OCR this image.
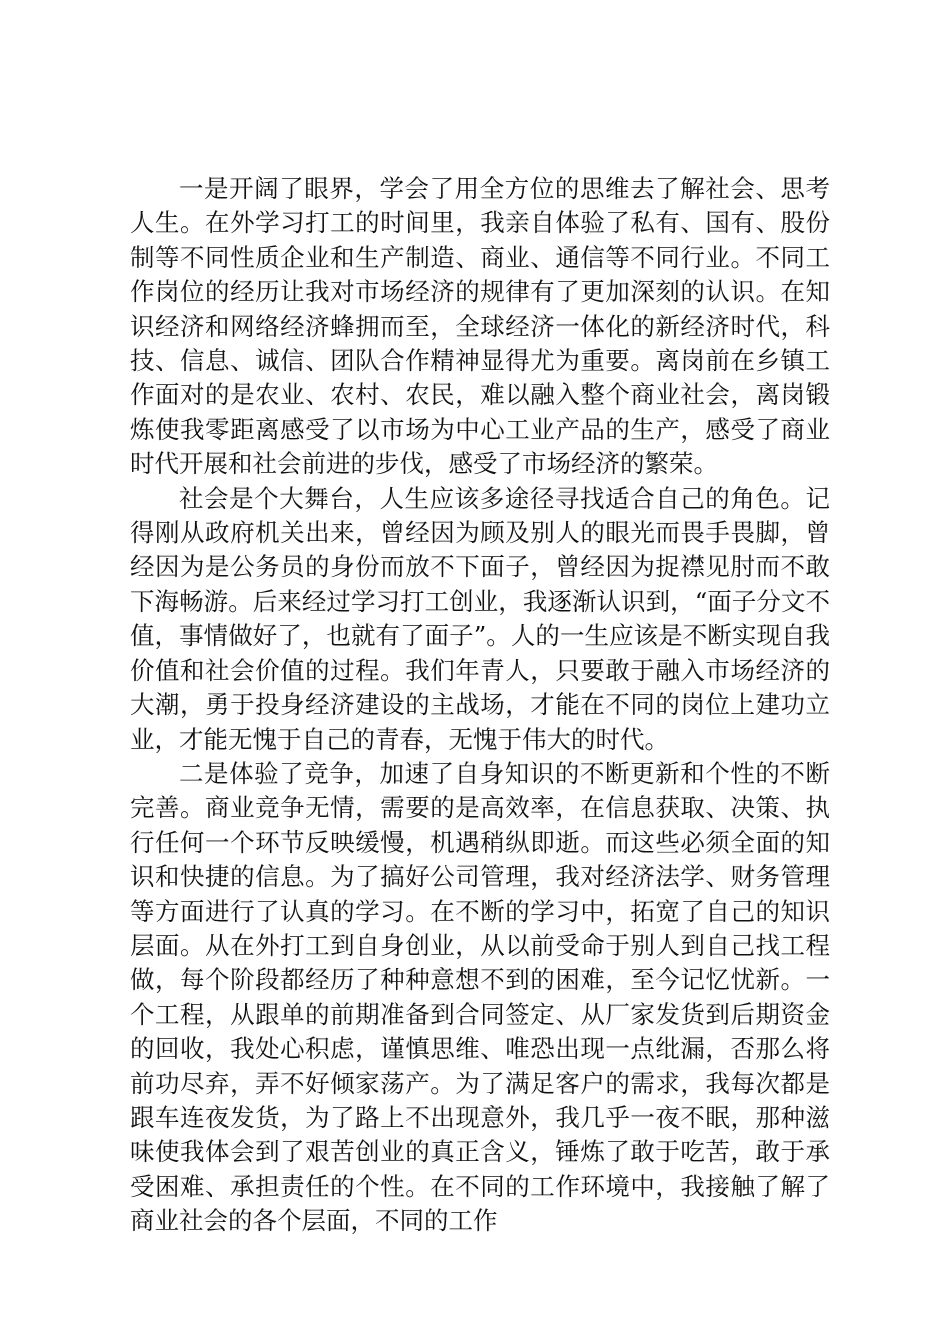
一是开阔了眼界，学会了用全方位的思维去了解社会、思考人生。在外学习打工的时间里，我亲自体验了私有、国有、股份制等不同性质企业和生产制造、商业、通信等不同行业。不同工作岗位的经历让我对市场经济的规律有了更加深刻的认识。在知识经济和网络经济蜂拥而至，全球经济一体化的新经济时代，科技、信息、诚信、团队合作精神显得尤为重要。离岗前在乡镇工作面对的是农业、农村、农民，难以融入整个商业社会，离岗锻炼使我零距离感受了以市场为中心工业产品的生产，感受了商业时代开展和社会前进的步伐，感受了市场经济的繁荣。

社会是个大舞台，人生应该多途径寻找适合自己的角色。记得刚从政府机关出来，曾经因为顾及别人的眼光而畏手畏脚，曾经因为是公务员的身份而放不下面子，曾经因为捉襟见肘而不敢下海畅游。后来经过学习打工创业，我逐渐认识到，“面子分文不值，事情做好了，也就有了面子”。人的一生应该是不断实现自我价值和社会价值的过程。我们年青人，只要敢于融入市场经济的大潮，勇于投身经济建设的主战场，才能在不同的岗位上建功立业，才能无愧于自己的青春，无愧于伟大的时代。

二是体验了竞争，加速了自身知识的不断更新和个性的不断完善。商业竞争无情，需要的是高效率，在信息获取、决策、执行任何一个环节反映缓慢，机遇稍纵即逝。而这些必须全面的知识和快捷的信息。为了搞好公司管理，我对经济法学、财务管理等方面进行了认真的学习。在不断的学习中，拓宽了自己的知识层面。从在外打工到自身创业，从以前受命于别人到自己找工程做，每个阶段都经历了种种意想不到的困难，至今记忆忧新。一个工程，从跟单的前期准备到合同签定、从厂家发货到后期资金的回收，我处心积虑，谨慎思维、唯恐出现一点纰漏，否那么将前功尽弃，弄不好倾家荡产。为了满足客户的需求，我每次都是跟车连夜发货，为了路上不出现意外，我几乎一夜不眠，那种滋味使我体会到了艰苦创业的真正含义，锤炼了敢于吃苦，敢于承受困难、承担责任的个性。在不同的工作环境中，我接触了解了商业社会的各个层面，不同的工作
